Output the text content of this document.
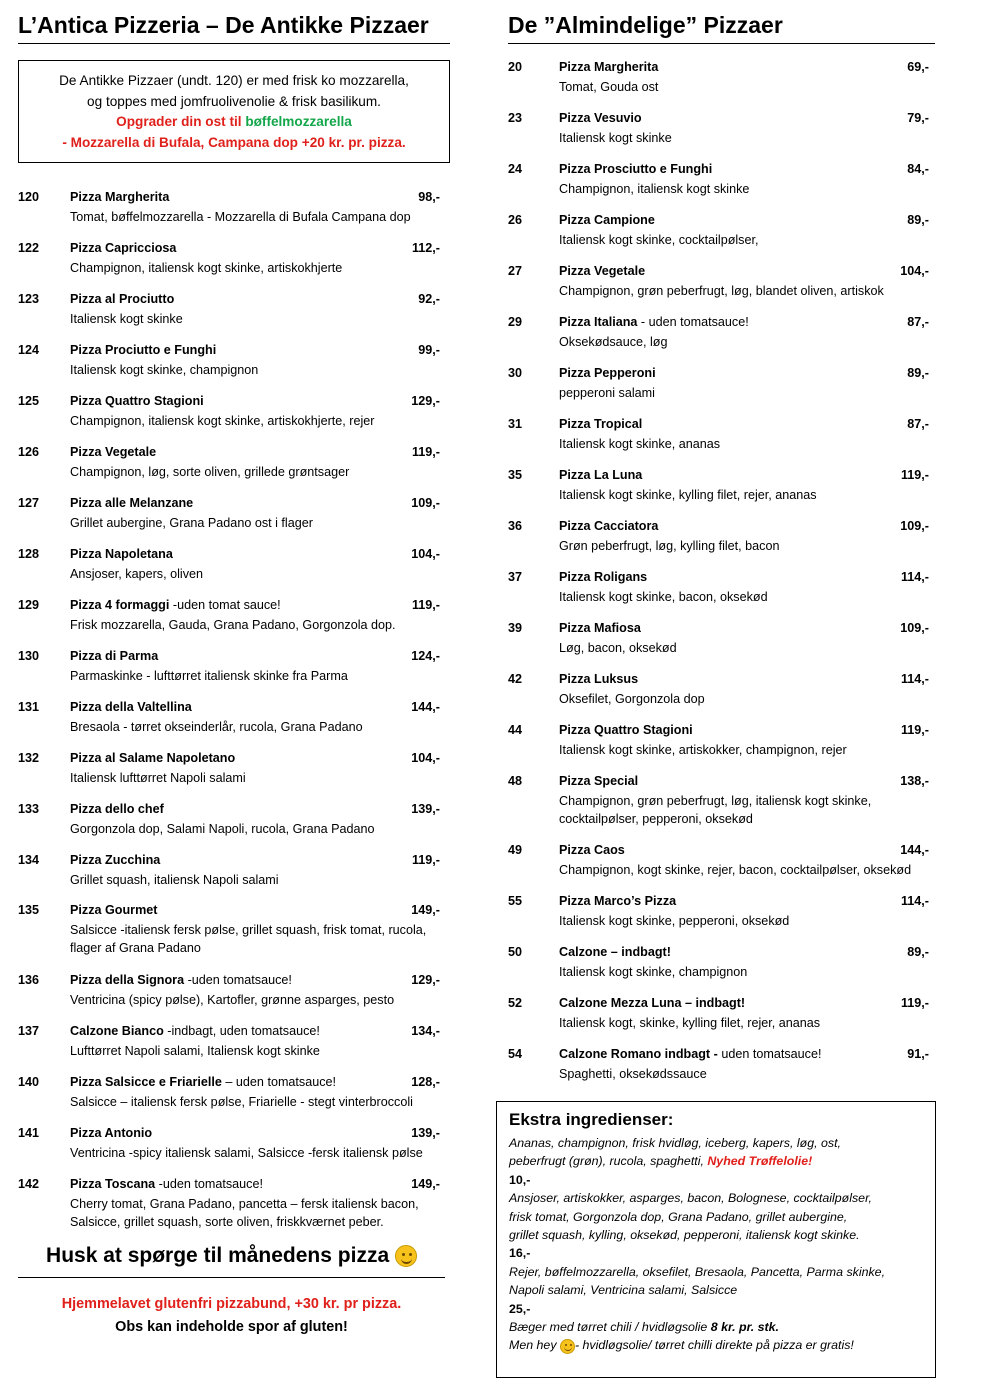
L’Antica Pizzeria – De Antikke Pizzaer
De Antikke Pizzaer (undt. 120) er med frisk ko mozzarella,
og toppes med jomfruolivenolie & frisk basilikum.
Opgrader din ost til bøffelmozzarella
- Mozzarella di Bufala, Campana dop +20 kr. pr. pizza.
120 Pizza Margherita	98,-
Tomat, bøffelmozzarella - Mozzarella di Bufala Campana dop
122 Pizza Capricciosa	112,-
Champignon, italiensk kogt skinke, artiskokhjerte
123 Pizza al Prociutto	92,-
Italiensk kogt skinke
124 Pizza Prociutto e Funghi	99,-
Italiensk kogt skinke, champignon
125 Pizza Quattro Stagioni	129,-
Champignon, italiensk kogt skinke, artiskokhjerte, rejer
126 Pizza Vegetale	119,-
Champignon, løg, sorte oliven, grillede grøntsager
127 Pizza alle Melanzane	109,-
Grillet aubergine, Grana Padano ost i flager
128 Pizza Napoletana	104,-
Ansjoser, kapers, oliven
129 Pizza 4 formaggi -uden tomat sauce!	119,-
Frisk mozzarella, Gauda, Grana Padano, Gorgonzola dop.
130 Pizza di Parma	124,-
Parmaskinke - lufttørret italiensk skinke fra Parma
131 Pizza della Valtellina	144,-
Bresaola - tørret okseinderlår, rucola, Grana Padano
132 Pizza al Salame Napoletano	104,-
Italiensk lufttørret Napoli salami
133 Pizza dello chef	139,-
Gorgonzola dop, Salami Napoli, rucola, Grana Padano
134 Pizza Zucchina	119,-
Grillet squash, italiensk Napoli salami
135 Pizza Gourmet	149,-
Salsicce -italiensk fersk pølse, grillet squash, frisk tomat, rucola, flager af Grana Padano
136 Pizza della Signora -uden tomatsauce!	129,-
Ventricina (spicy pølse), Kartofler, grønne asparges, pesto
137 Calzone Bianco -indbagt, uden tomatsauce!	134,-
Lufttørret Napoli salami, Italiensk kogt skinke
140 Pizza Salsicce e Friarielle – uden tomatsauce!	128,-
Salsicce – italiensk fersk pølse, Friarielle - stegt vinterbroccoli
141 Pizza Antonio	139,-
Ventricina -spicy italiensk salami, Salsicce -fersk italiensk pølse
142 Pizza Toscana -uden tomatsauce!	149,-
Cherry tomat, Grana Padano, pancetta – fersk italiensk bacon, Salsicce, grillet squash, sorte oliven, friskkværnet peber.
Husk at spørge til månedens pizza
Hjemmelavet glutenfri pizzabund, +30 kr. pr pizza.
Obs kan indeholde spor af gluten!
De ”Almindelige” Pizzaer
20	Pizza Margherita	69,-
Tomat, Gouda ost
23	Pizza Vesuvio	79,-
Italiensk kogt skinke
24	Pizza Prosciutto e Funghi	84,-
Champignon, italiensk kogt skinke
26	Pizza Campione	89,-
Italiensk kogt skinke, cocktailpølser,
27	Pizza Vegetale	104,-
Champignon, grøn peberfrugt, løg, blandet oliven, artiskok
29	Pizza Italiana - uden tomatsauce!	87,-
Oksekødsauce, løg
30	Pizza Pepperoni	89,-
pepperoni salami
31	Pizza Tropical	87,-
Italiensk kogt skinke, ananas
35	Pizza La Luna	119,-
Italiensk kogt skinke, kylling filet, rejer, ananas
36	Pizza Cacciatora	109,-
Grøn peberfrugt, løg, kylling filet, bacon
37	Pizza Roligans	114,-
Italiensk kogt skinke, bacon, oksekød
39	Pizza Mafiosa	109,-
Løg, bacon, oksekød
42	Pizza Luksus	114,-
Oksefilet, Gorgonzola dop
44	Pizza Quattro Stagioni	119,-
Italiensk kogt skinke, artiskokker, champignon, rejer
48	Pizza Special	138,-
Champignon, grøn peberfrugt, løg, italiensk kogt skinke, cocktailpølser, pepperoni, oksekød
49	Pizza Caos	144,-
Champignon, kogt skinke, rejer, bacon, cocktailpølser, oksekød
55	Pizza Marco’s Pizza	114,-
Italiensk kogt skinke, pepperoni, oksekød
50	Calzone – indbagt!	89,-
Italiensk kogt skinke, champignon
52	Calzone Mezza Luna – indbagt!	119,-
Italiensk kogt, skinke, kylling filet, rejer, ananas
54	Calzone Romano indbagt - uden tomatsauce!	91,-
Spaghetti, oksekødssauce
Ekstra ingredienser:
Ananas, champignon, frisk hvidløg, iceberg, kapers, løg, ost,
peberfrugt (grøn), rucola, spaghetti, Nyhed Trøffelolie!
10,-
Ansjoser, artiskokker, asparges, bacon, Bolognese, cocktailpølser,
frisk tomat, Gorgonzola dop, Grana Padano, grillet aubergine,
grillet squash, kylling, oksekød, pepperoni, italiensk kogt skinke.
16,-
Rejer, bøffelmozzarella, oksefilet, Bresaola, Pancetta, Parma skinke,
Napoli salami, Ventricina salami, Salsicce
25,-
Bæger med tørret chili / hvidløgsolie 8 kr. pr. stk.
Men hey - hvidløgsolie/ tørret chilli direkte på pizza er gratis!
